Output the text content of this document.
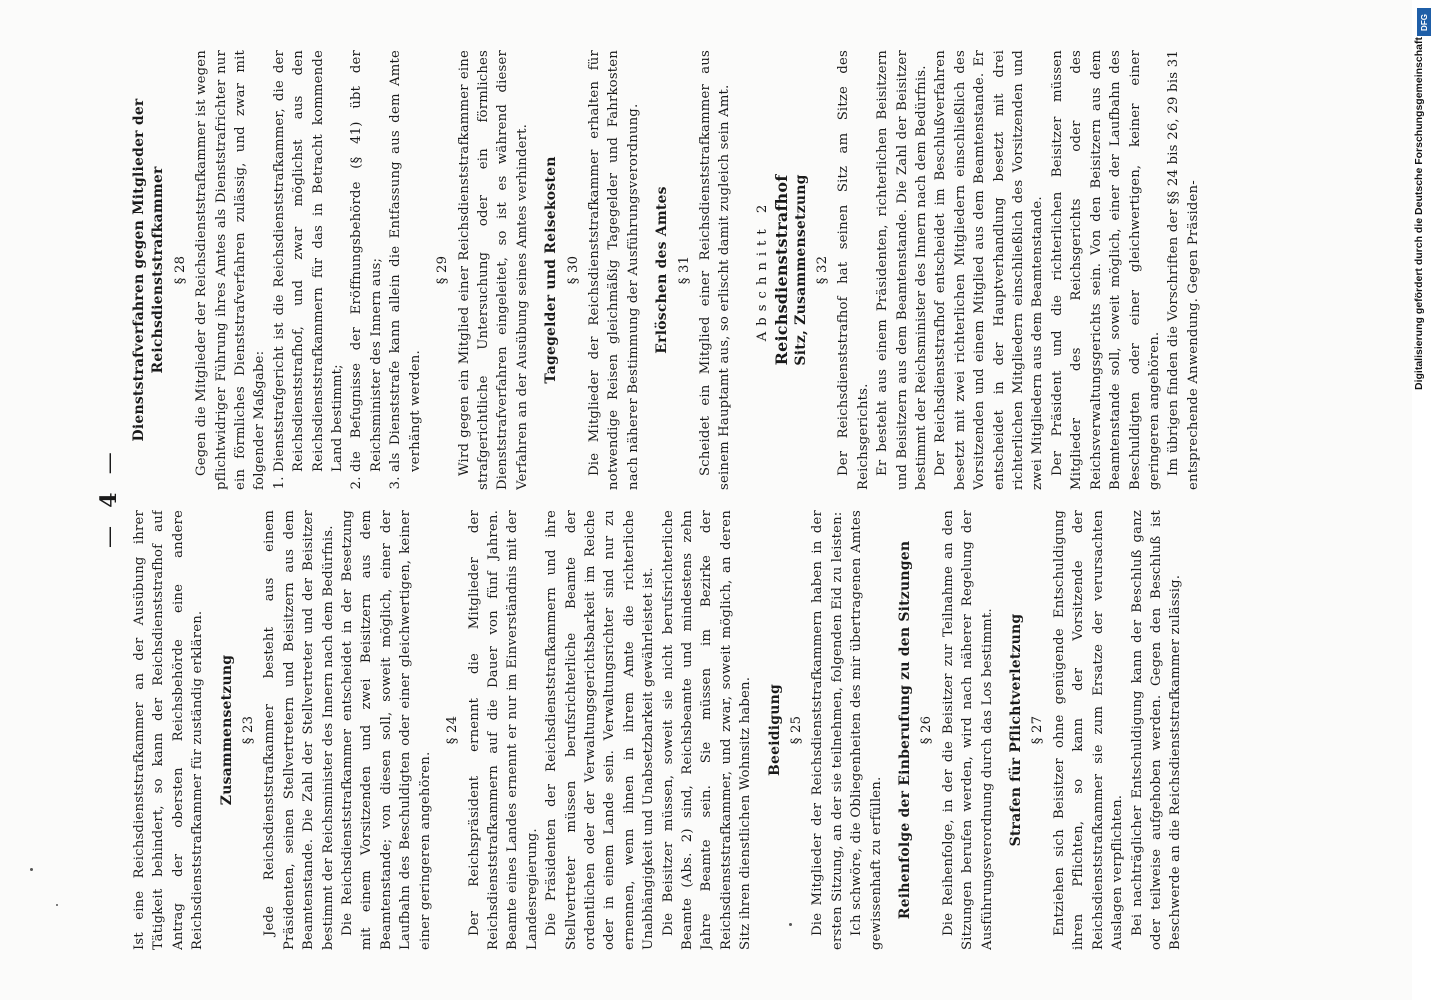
—
4
—

Ist eine Reichsdienststrafkammer an der Ausübung ihrer Tätigkeit behindert, so kann der Reichsdienststrafhof auf Antrag der obersten Reichsbehörde eine andere Reichsdienststrafkammer für zuständig erklären. Zusammensetzung § 23 Jede Reichsdienststrafkammer besteht aus einem Präsidenten, seinen Stellvertretern und Beisitzern aus dem Beamtenstande. Die Zahl der Stellvertreter und der Beisitzer bestimmt der Reichsminister des Innern nach dem Bedürfnis. Die Reichsdienststrafkammer entscheidet in der Besetzung mit einem Vorsitzenden und zwei Beisitzern aus dem Beamtenstande; von diesen soll, soweit möglich, einer der Laufbahn des Beschuldigten oder einer gleichwertigen, keiner einer geringeren angehören.

§ 24 Der Reichspräsident ernennt die Mitglieder der Reichsdienststrafkammern auf die Dauer von fünf Jahren. Beamte eines Landes ernennt er nur im Einverständnis mit der Landesregierung. Die Präsidenten der Reichsdienststrafkammern und ihre Stellvertreter müssen berufsrichterliche Beamte der ordentlichen oder der Verwaltungsgerichtsbarkeit im Reiche oder in einem Lande sein. Verwaltungsrichter sind nur zu ernennen, wenn ihnen in ihrem Amte die richterliche Unabhängigkeit und Unabsetzbarkeit gewährleistet ist. Die Beisitzer müssen, soweit sie nicht berufsrichterliche Beamte (Abs. 2) sind, Reichsbeamte und mindestens zehn Jahre Beamte sein. Sie müssen im Bezirke der Reichsdienststrafkammer, und zwar, soweit möglich, an deren Sitz ihren dienstlichen Wohnsitz haben. Beeidigung § 25 Die Mitglieder der Reichsdienststrafkammern haben in der ersten Sitzung, an der sie teilnehmen, folgenden Eid zu leisten: Ich schwöre, die Obliegenheiten des mir übertragenen Amtes gewissenhaft zu erfüllen. Reihenfolge der Einberufung zu den Sitzungen § 26 Die Reihenfolge, in der die Beisitzer zur Teilnahme an den Sitzungen berufen werden, wird nach näherer Regelung der Ausführungsverordnung durch das Los bestimmt. Strafen für Pflichtverletzung § 27 Entziehen sich Beisitzer ohne genügende Entschuldigung ihren Pflichten, so kann der Vorsitzende der Reichsdienststrafkammer sie zum Ersatze der verursachten Auslagen verpflichten. Bei nachträglicher Entschuldigung kann der Beschluß ganz oder teilweise aufgehoben werden. Gegen den Beschluß ist Beschwerde an die Reichsdienststrafkammer zulässig.

Dienststrafverfahren gegen Mitglieder der Reichsdienststrafkammer § 28 Gegen die Mitglieder der Reichsdienststrafkammer ist wegen pflichtwidriger Führung ihres Amtes als Dienststrafrichter nur ein förmliches Dienststrafverfahren zulässig, und zwar mit folgender Maßgabe: 1. Dienststrafgericht ist die Reichsdienststrafkammer, die der Reichsdienststrafhof, und zwar möglichst aus den Reichsdienststrafkammern für das in Betracht kommende Land bestimmt; 2. die Befugnisse der Eröffnungsbehörde (§ 41) übt der Reichsminister des Innern aus; 3. als Dienststrafe kann allein die Entfassung aus dem Amte verhängt werden.
§ 29 Wird gegen ein Mitglied einer Reichsdienststrafkammer eine strafgerichtliche Untersuchung oder ein förmliches Dienststrafverfahren eingeleitet, so ist es während dieser Verfahren an der Ausübung seines Amtes verhindert. Tagegelder und Reisekosten § 30 Die Mitglieder der Reichsdienststrafkammer erhalten für notwendige Reisen gleichmäßig Tagegelder und Fahrkosten nach näherer Bestimmung der Ausführungsverordnung. Erlöschen des Amtes § 31 Scheidet ein Mitglied einer Reichsdienststrafkammer aus seinem Hauptamt aus, so erlischt damit zugleich sein Amt. Abschnitt 2 Reichsdienststrafhof Sitz, Zusammensetzung § 32 Der Reichsdienststrafhof hat seinen Sitz am Sitze des Reichsgerichts. Er besteht aus einem Präsidenten, richterlichen Beisitzern und Beisitzern aus dem Beamtenstande. Die Zahl der Beisitzer bestimmt der Reichsminister des Innern nach dem Bedürfnis. Der Reichsdienststrafhof entscheidet im Beschlußverfahren besetzt mit zwei richterlichen Mitgliedern einschließlich des Vorsitzenden und einem Mitglied aus dem Beamtenstande. Er entscheidet in der Hauptverhandlung besetzt mit drei richterlichen Mitgliedern einschließlich des Vorsitzenden und zwei Mitgliedern aus dem Beamtenstande. Der Präsident und die richterlichen Beisitzer müssen Mitglieder des Reichsgerichts oder des Reichsverwaltungsgerichts sein. Von den Beisitzern aus dem Beamtenstande soll, soweit möglich, einer der Laufbahn des Beschuldigten oder einer gleichwertigen, keiner einer geringeren angehören. Im übrigen finden die Vorschriften der §§ 24 bis 26, 29 bis 31 entsprechende Anwendung. Gegen Präsiden-

DFG
Digitalisierung gefördert durch die Deutsche Forschungsgemeinschaft
